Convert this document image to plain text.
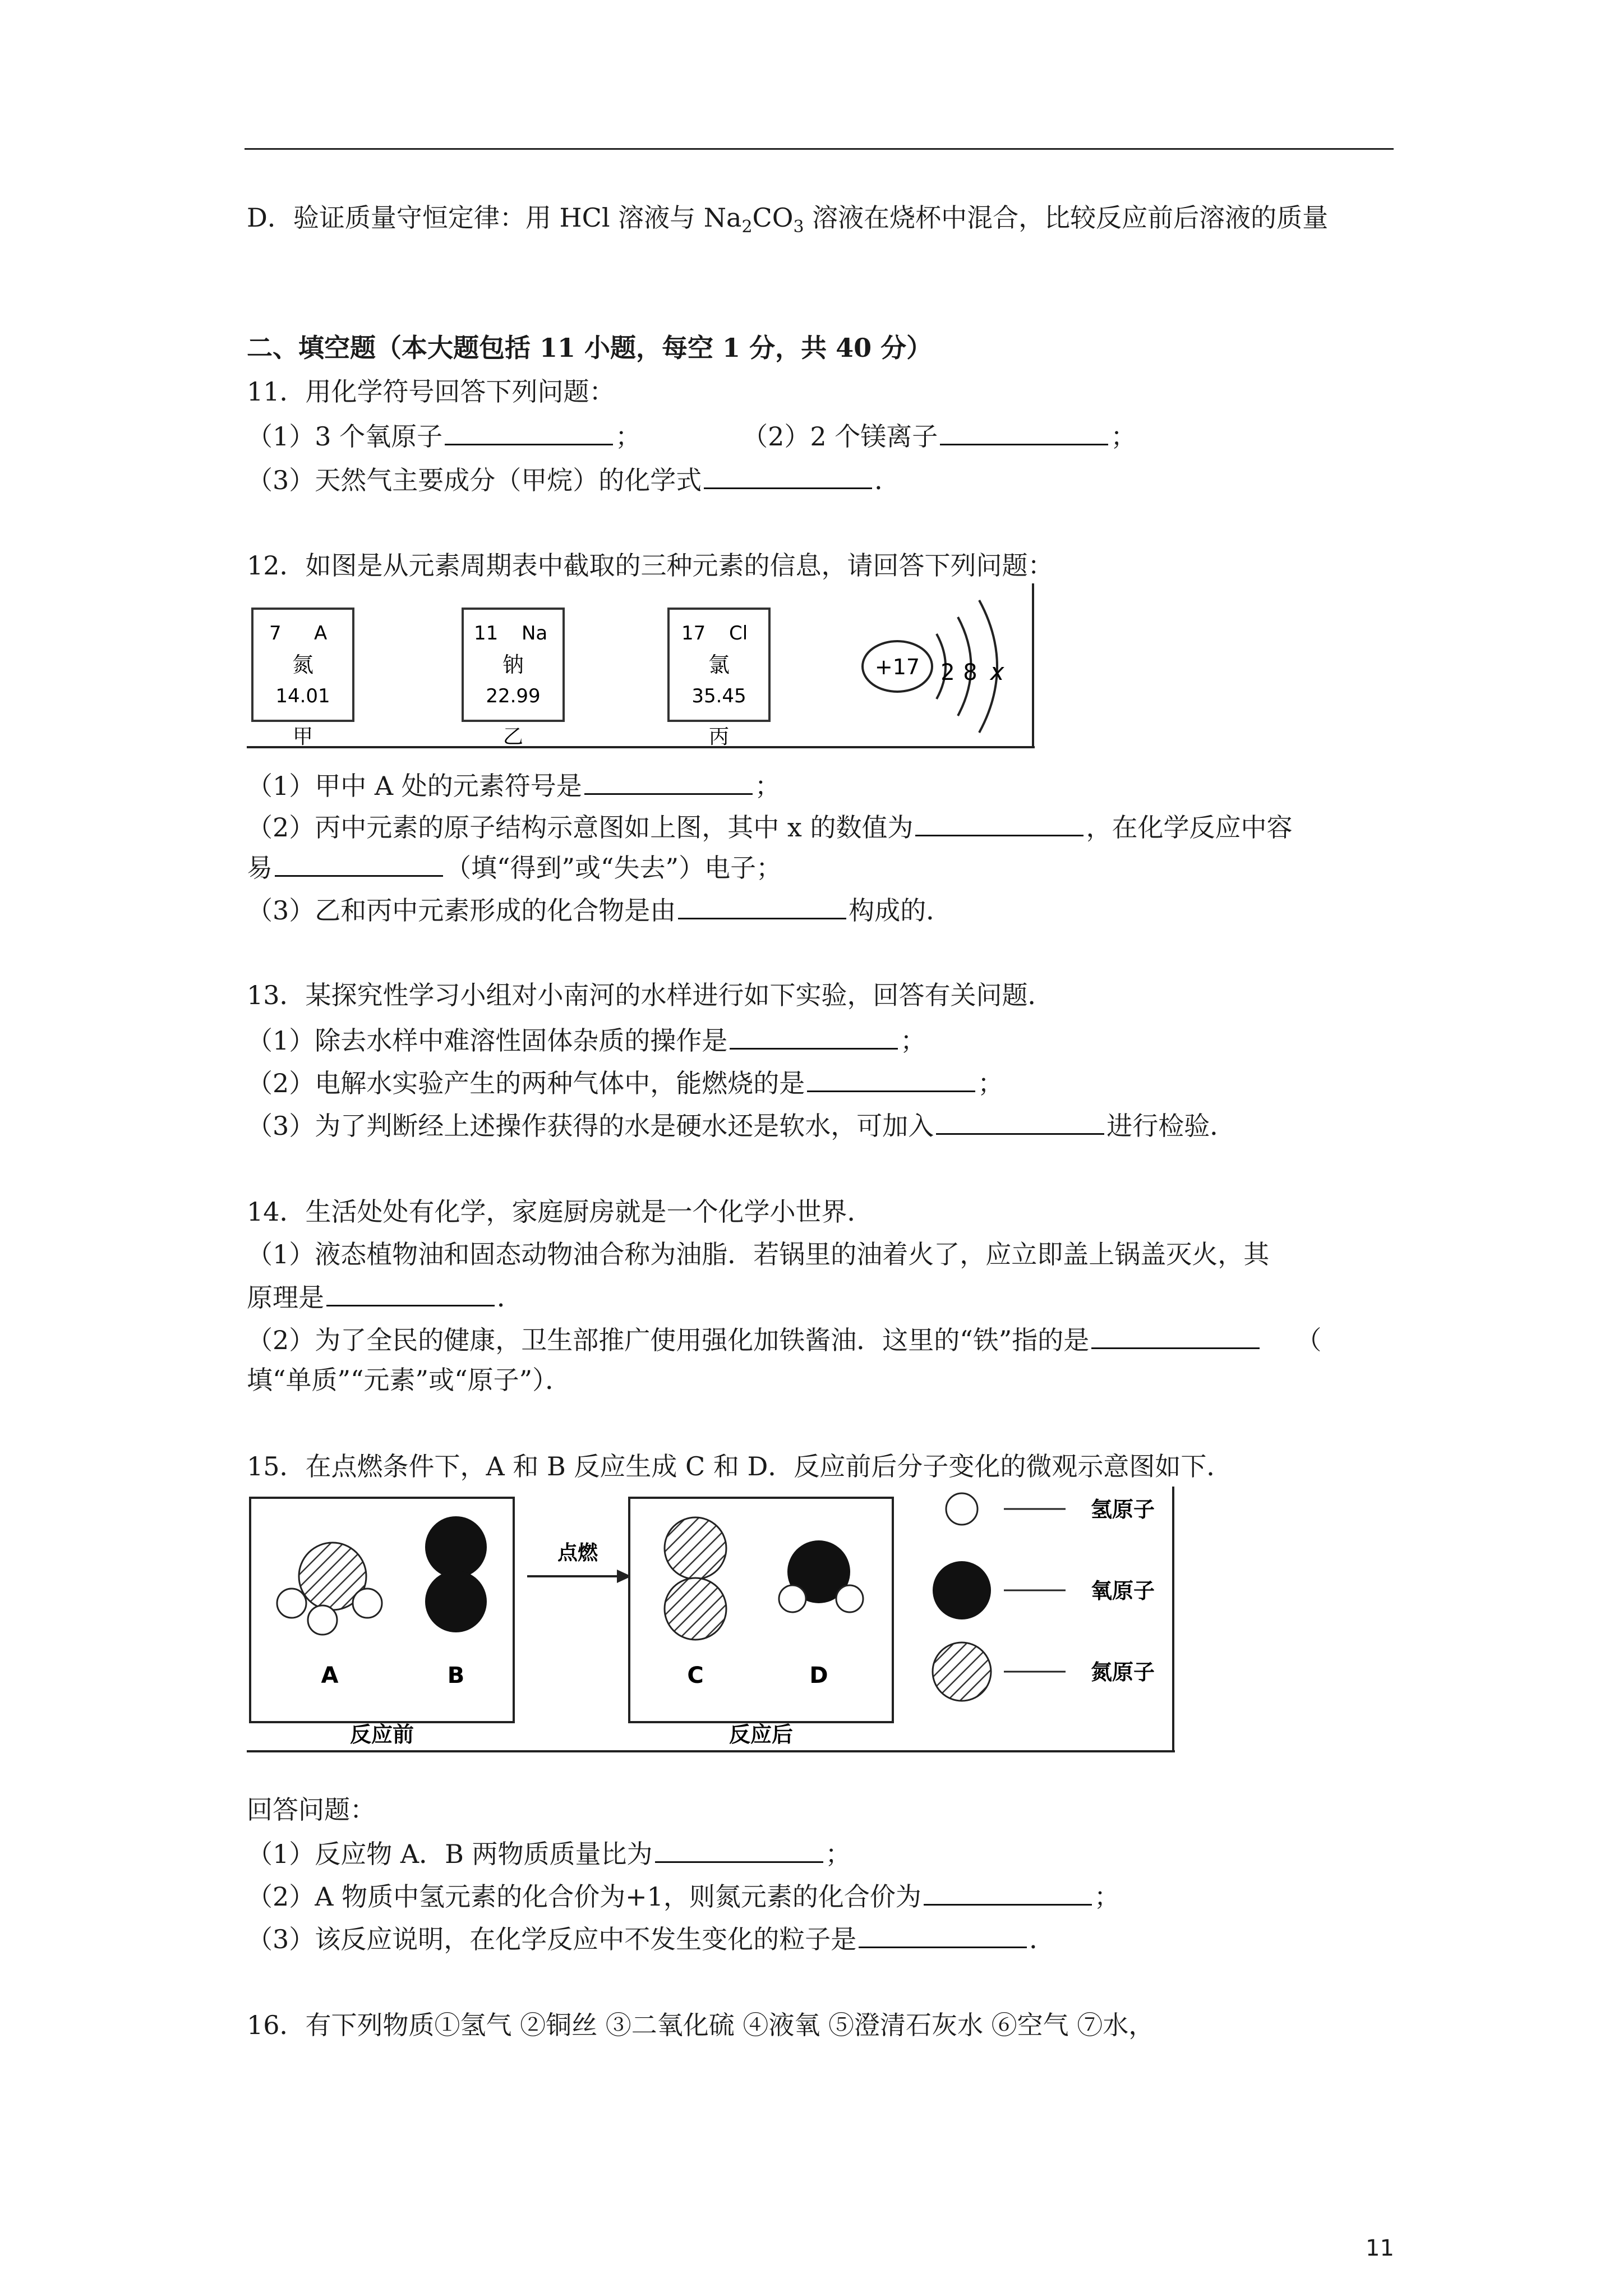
D．验证质量守恒定律：用 HCl 溶液与 $Na_2CO_3$ 溶液在烧杯中混合，比较反应前后溶液的质量
二、填空题（本大题包括 11 小题，每空 1 分，共 40 分）
11．用化学符号回答下列问题：
（1）3 个氧原子	；	（2）2 个镁离子	；
（3）天然气主要成分（甲烷）的化学式	．
12．如图是从元素周期表中截取的三种元素的信息，请回答下列问题：
7 A
氮
14.01
甲
11 Na
钠
22.99
乙
17 Cl
氯
35.45
丙
+17 2 8 x
（1）甲中 A 处的元素符号是	；
（2）丙中元素的原子结构示意图如上图，其中 x 的数值为	，在化学反应中容
易	（填“得到”或“失去”）电子；
（3）乙和丙中元素形成的化合物是由	构成的．
13．某探究性学习小组对小南河的水样进行如下实验，回答有关问题．
（1）除去水样中难溶性固体杂质的操作是	；
（2）电解水实验产生的两种气体中，能燃烧的是	；
（3）为了判断经上述操作获得的水是硬水还是软水，可加入	进行检验．
14．生活处处有化学，家庭厨房就是一个化学小世界．
（1）液态植物油和固态动物油合称为油脂．若锅里的油着火了，应立即盖上锅盖灭火，其
原理是	．
（2）为了全民的健康，卫生部推广使用强化加铁酱油．这里的“铁”指的是	（
填“单质”“元素”或“原子”）．
15．在点燃条件下，A 和 B 反应生成 C 和 D．反应前后分子变化的微观示意图如下．
A	B
点燃
C	D
反应前	反应后
氢原子
氧原子
氮原子
回答问题：
（1）反应物 A．B 两物质质量比为	；
（2）A 物质中氢元素的化合价为+1，则氮元素的化合价为	；
（3）该反应说明，在化学反应中不发生变化的粒子是	．
16．有下列物质①氢气 ②铜丝 ③二氧化硫 ④液氧 ⑤澄清石灰水 ⑥空气 ⑦水，
11
